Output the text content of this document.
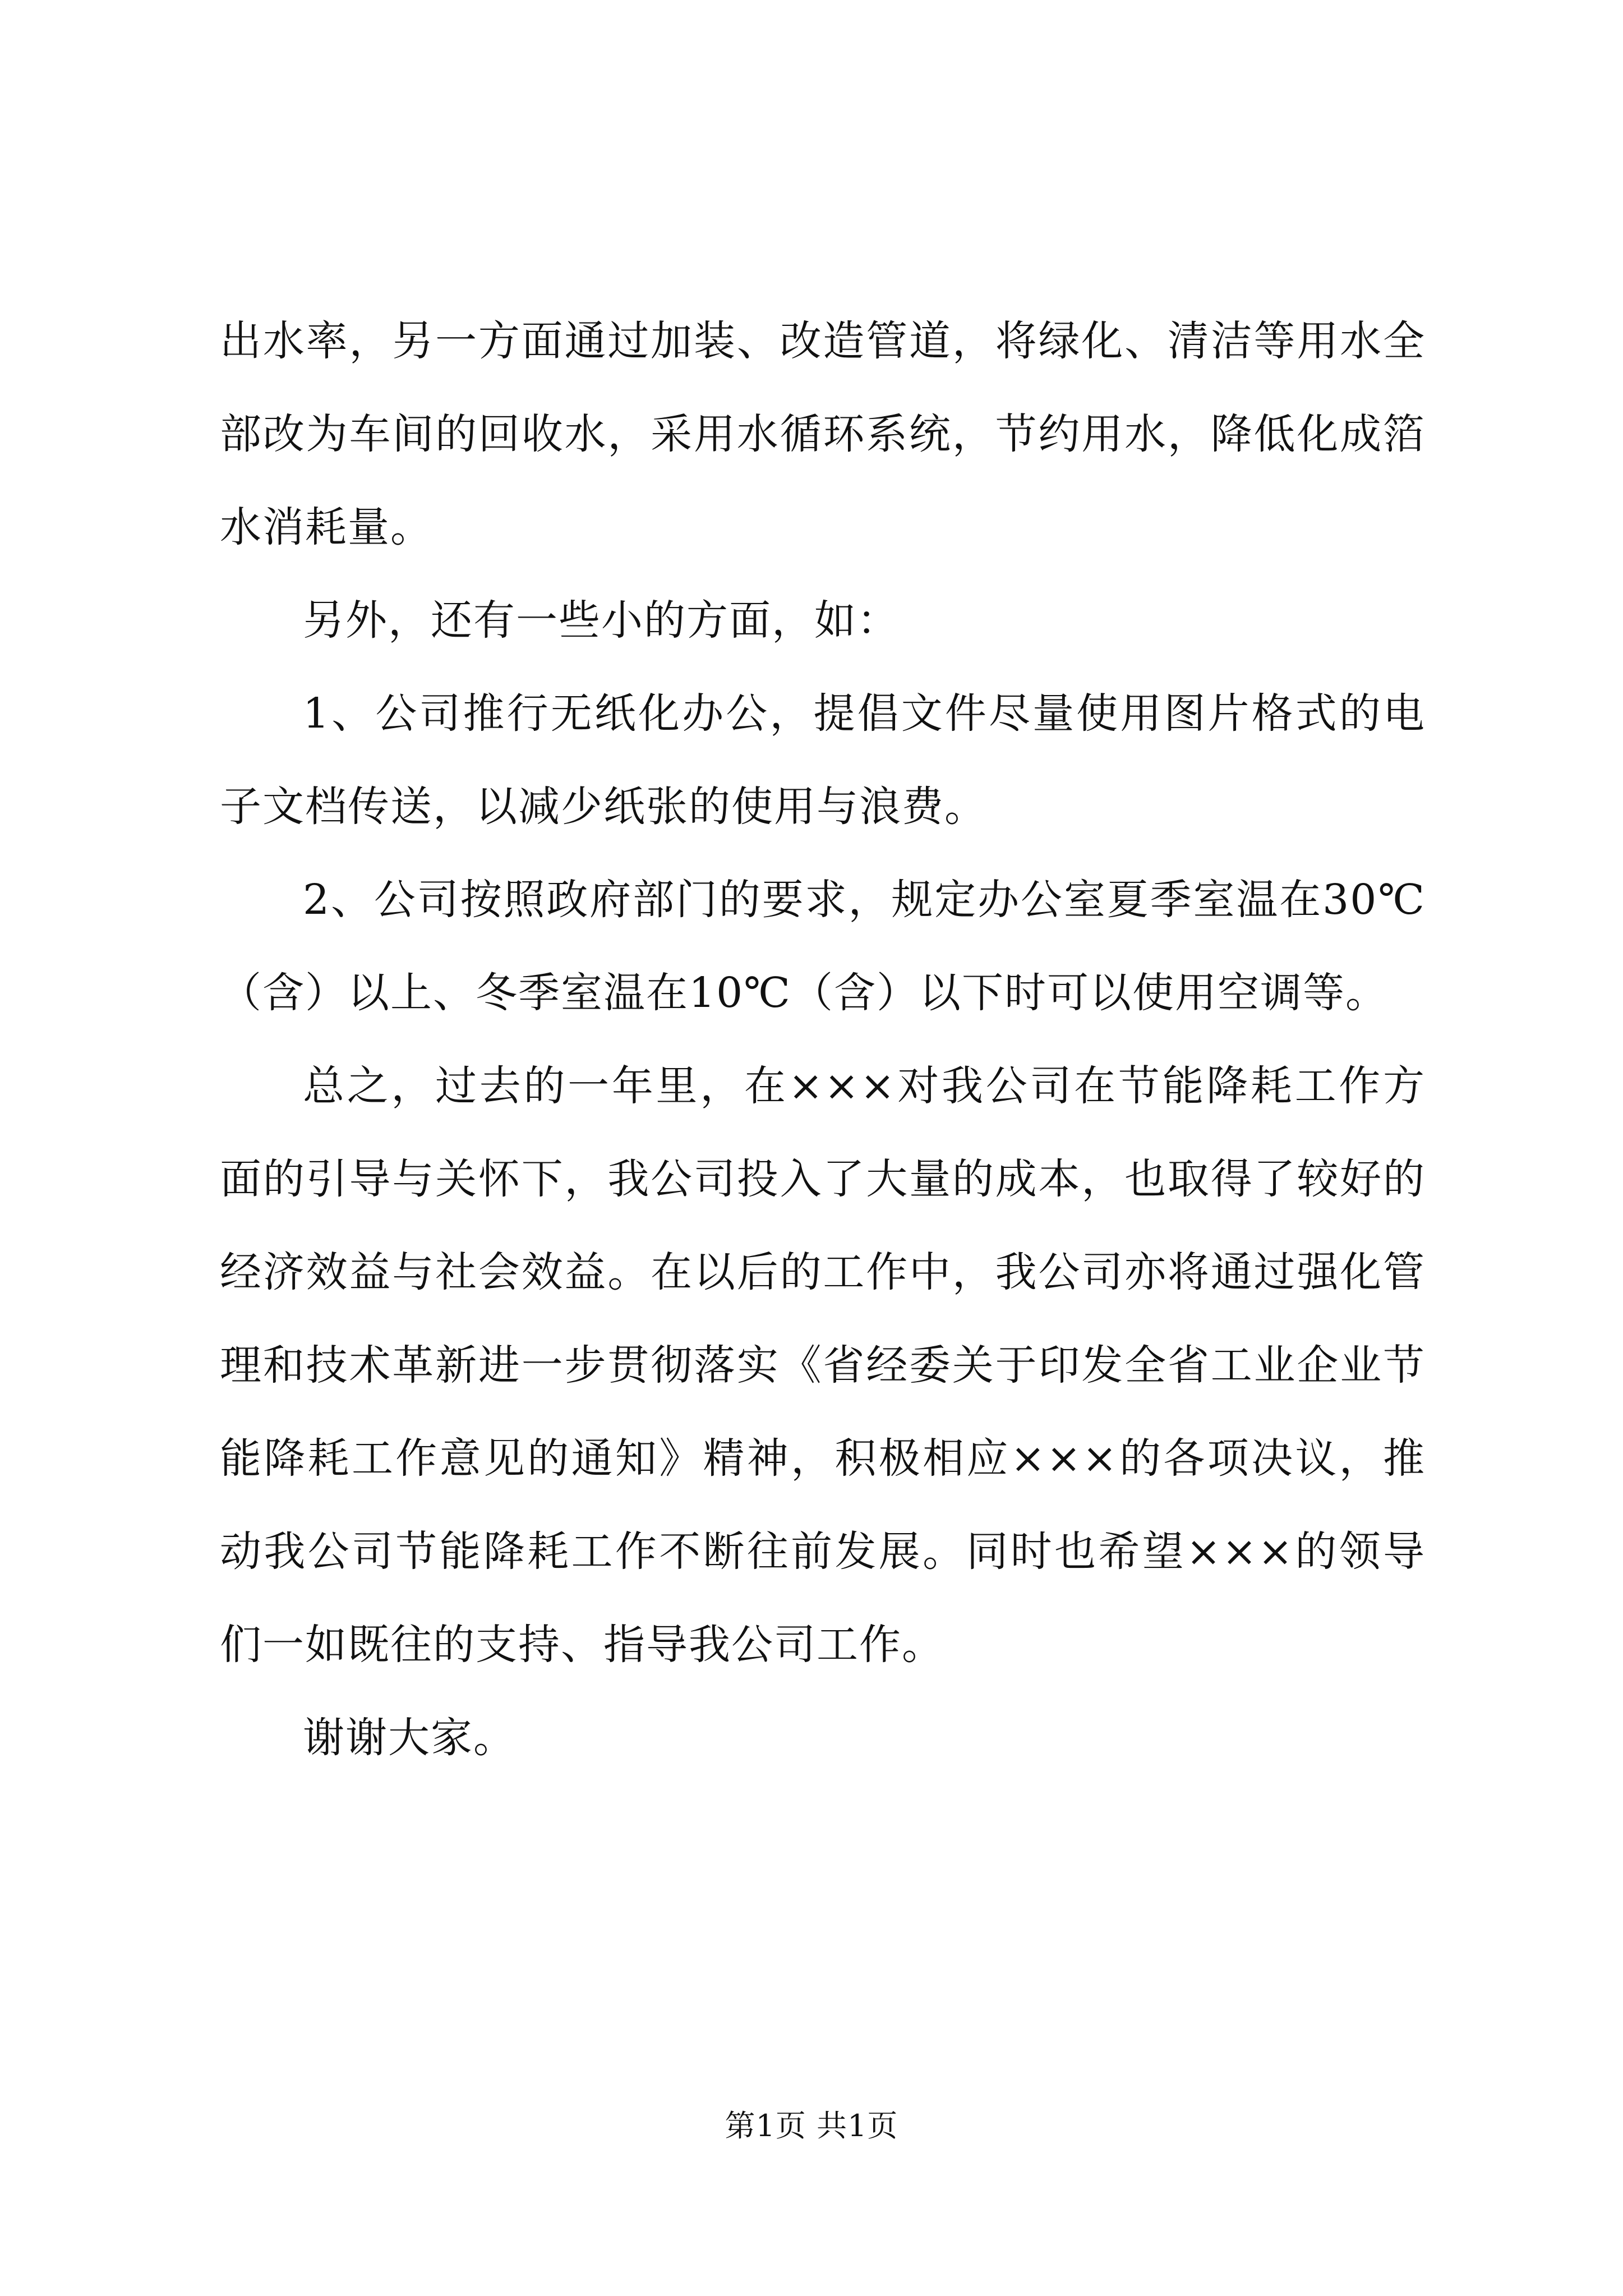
出水率，另一方面通过加装、改造管道，将绿化、清洁等用水全部改为车间的回收水，采用水循环系统，节约用水，降低化成箔水消耗量。

另外，还有一些小的方面，如：

1、公司推行无纸化办公，提倡文件尽量使用图片格式的电子文档传送，以减少纸张的使用与浪费。

2、公司按照政府部门的要求，规定办公室夏季室温在30℃（含）以上、冬季室温在10℃（含）以下时可以使用空调等。

总之，过去的一年里，在×××对我公司在节能降耗工作方面的引导与关怀下，我公司投入了大量的成本，也取得了较好的经济效益与社会效益。在以后的工作中，我公司亦将通过强化管理和技术革新进一步贯彻落实《省经委关于印发全省工业企业节能降耗工作意见的通知》精神，积极相应×××的各项决议，推动我公司节能降耗工作不断往前发展。同时也希望×××的领导们一如既往的支持、指导我公司工作。

谢谢大家。

第1页 共1页
